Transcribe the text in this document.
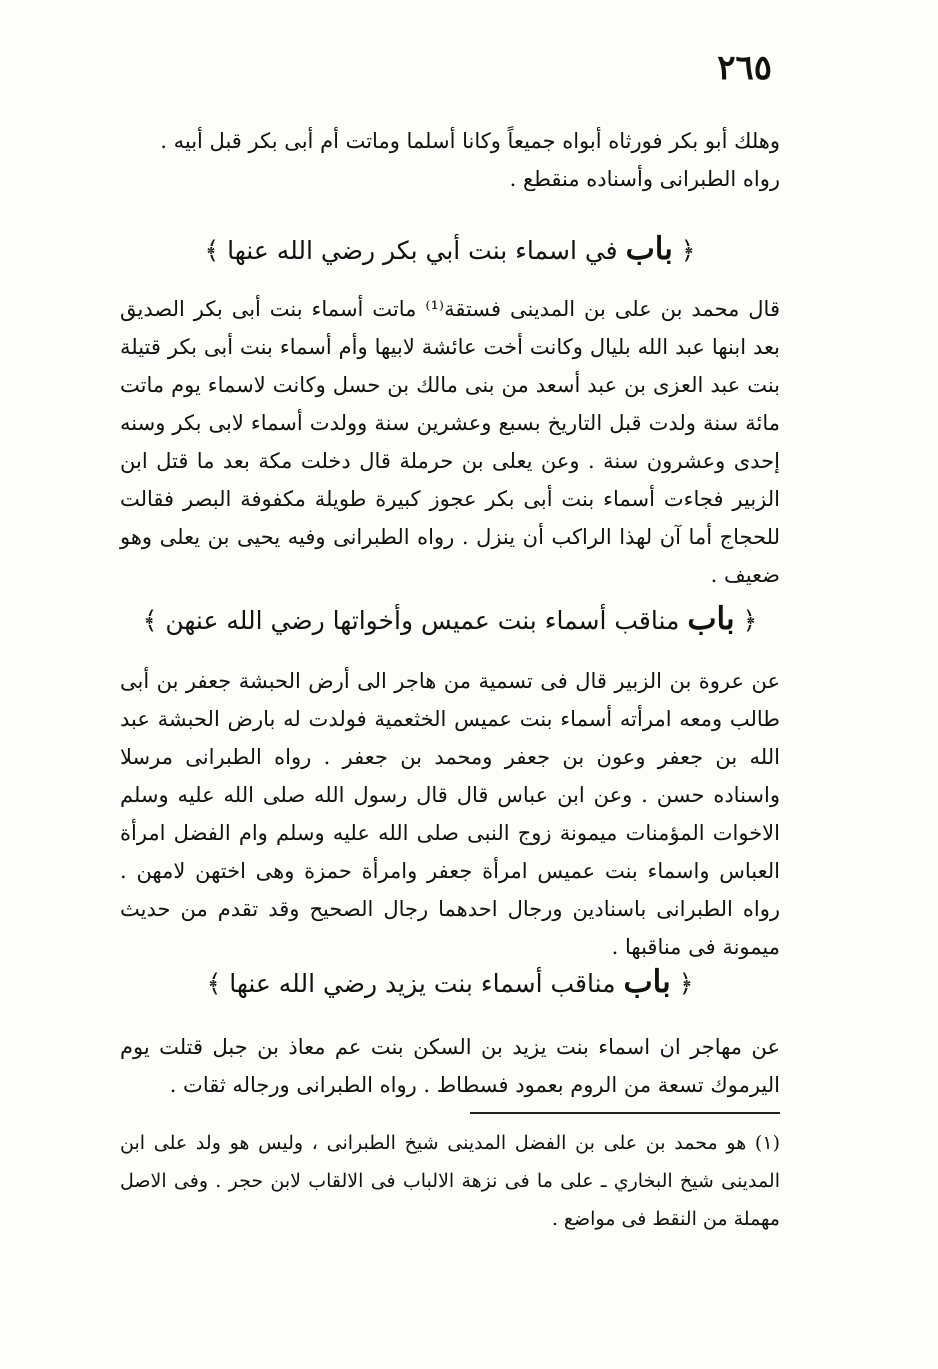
٢٦٥

وهلك أبو بكر فورثاه أبواه جميعاً وكانا أسلما وماتت أم أبى بكر قبل أبيه .

رواه الطبرانى وأسناده منقطع .

﴿ باب في اسماء بنت أبي بكر رضي الله عنها ﴾

قال محمد بن على بن المدينى فستقة⁽¹⁾ ماتت أسماء بنت أبى بكر الصديق بعد ابنها عبد الله بليال وكانت أخت عائشة لابيها وأم أسماء بنت أبى بكر قتيلة بنت عبد العزى بن عبد أسعد من بنى مالك بن حسل وكانت لاسماء يوم ماتت مائة سنة ولدت قبل التاريخ بسبع وعشرين سنة وولدت أسماء لابى بكر وسنه إحدى وعشرون سنة . وعن يعلى بن حرملة قال دخلت مكة بعد ما قتل ابن الزبير فجاءت أسماء بنت أبى بكر عجوز كبيرة طويلة مكفوفة البصر فقالت للحجاج أما آن لهذا الراكب أن ينزل . رواه الطبرانى وفيه يحيى بن يعلى وهو ضعيف .

﴿ باب مناقب أسماء بنت عميس وأخواتها رضي الله عنهن ﴾

عن عروة بن الزبير قال فى تسمية من هاجر الى أرض الحبشة جعفر بن أبى طالب ومعه امرأته أسماء بنت عميس الخثعمية فولدت له بارض الحبشة عبد الله بن جعفر وعون بن جعفر ومحمد بن جعفر . رواه الطبرانى مرسلا واسناده حسن . وعن ابن عباس قال قال رسول الله صلى الله عليه وسلم الاخوات المؤمنات ميمونة زوج النبى صلى الله عليه وسلم وام الفضل امرأة العباس واسماء بنت عميس امرأة جعفر وامرأة حمزة وهى اختهن لامهن . رواه الطبرانى باسنادين ورجال احدهما رجال الصحيح وقد تقدم من حديث ميمونة فى مناقبها .

﴿ باب مناقب أسماء بنت يزيد رضي الله عنها ﴾

عن مهاجر ان اسماء بنت يزيد بن السكن بنت عم معاذ بن جبل قتلت يوم اليرموك تسعة من الروم بعمود فسطاط . رواه الطبرانى ورجاله ثقات .

(١) هو محمد بن على بن الفضل المدينى شيخ الطبرانى ، وليس هو ولد على ابن المدينى شيخ البخاري ـ على ما فى نزهة الالباب فى الالقاب لابن حجر . وفى الاصل مهملة من النقط فى مواضع .
